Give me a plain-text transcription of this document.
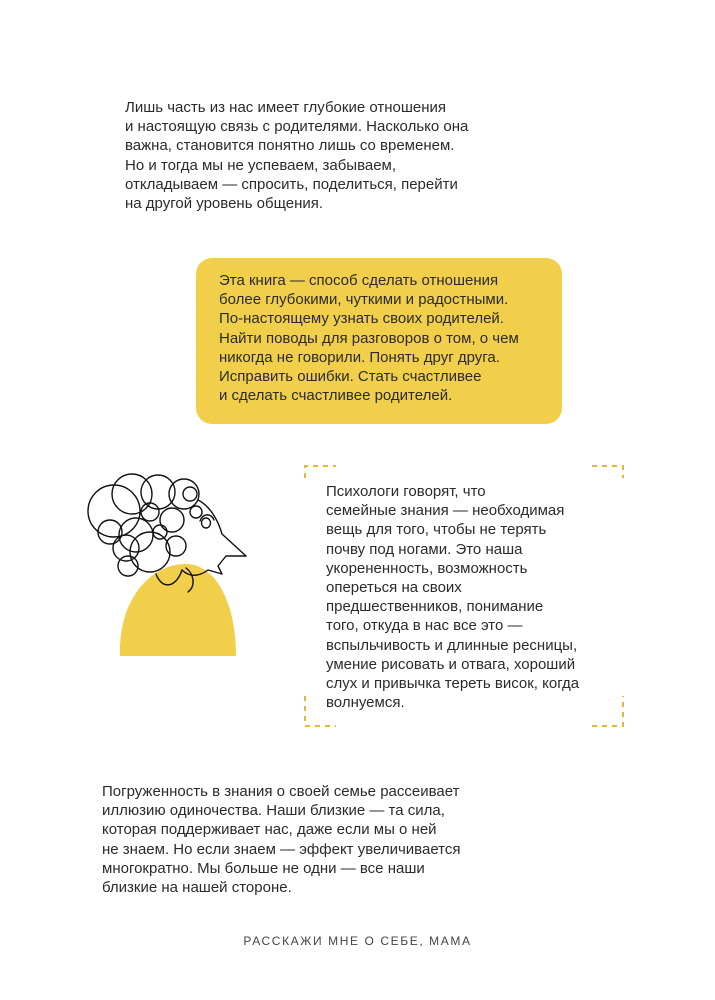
Лишь часть из нас имеет глубокие отношения
и настоящую связь с родителями. Насколько она
важна, становится понятно лишь со временем.
Но и тогда мы не успеваем, забываем,
откладываем — спросить, поделиться, перейти
на другой уровень общения.

Эта книга — способ сделать отношения
более глубокими, чуткими и радостными.
По-настоящему узнать своих родителей.
Найти поводы для разговоров о том, о чем
никогда не говорили. Понять друг друга.
Исправить ошибки. Стать счастливее
и сделать счастливее родителей.

Психологи говорят, что
семейные знания — необходимая
вещь для того, чтобы не терять
почву под ногами. Это наша
укорененность, возможность
опереться на своих
предшественников, понимание
того, откуда в нас все это —
вспыльчивость и длинные ресницы,
умение рисовать и отвага, хороший
слух и привычка тереть висок, когда
волнуемся.

Погруженность в знания о своей семье рассеивает
иллюзию одиночества. Наши близкие — та сила,
которая поддерживает нас, даже если мы о ней
не знаем. Но если знаем — эффект увеличивается
многократно. Мы больше не одни — все наши
близкие на нашей стороне.

РАССКАЖИ МНЕ О СЕБЕ, МАМА
